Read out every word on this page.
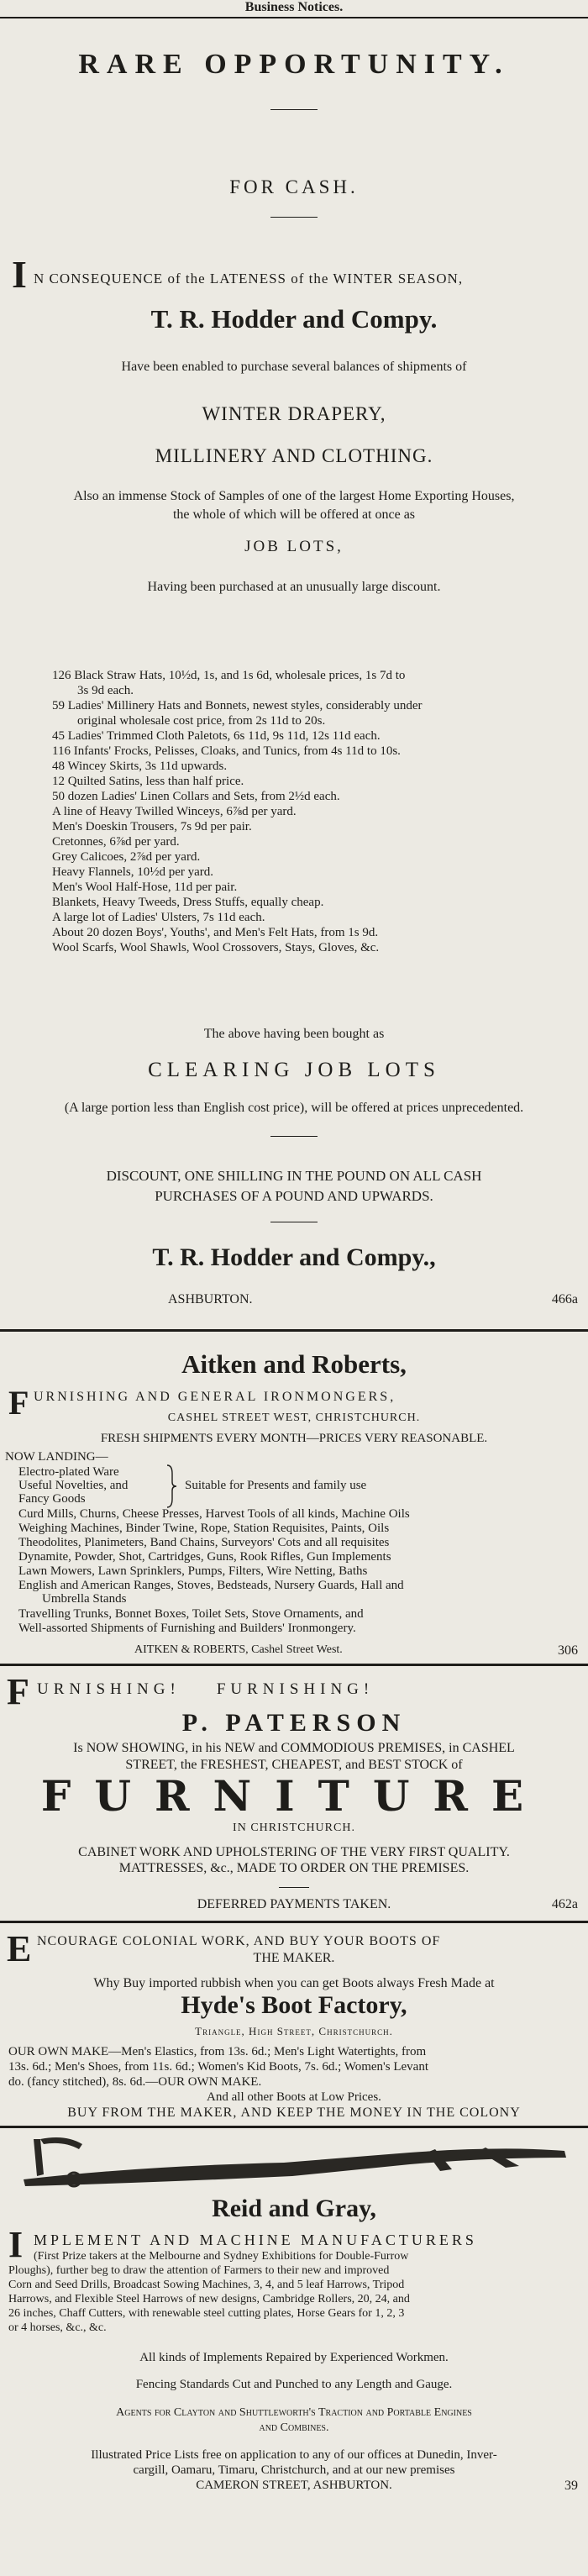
Business Notices.
RARE OPPORTUNITY.
FOR CASH.
I N CONSEQUENCE of the LATENESS of the WINTER SEASON,
T. R. Hodder and Compy.
Have been enabled to purchase several balances of shipments of
WINTER DRAPERY,
MILLINERY AND CLOTHING.
Also an immense Stock of Samples of one of the largest Home Exporting Houses,
the whole of which will be offered at once as
JOB LOTS,
Having been purchased at an unusually large discount.
126 Black Straw Hats, 10½d, 1s, and 1s 6d, wholesale prices, 1s 7d to
3s 9d each.
59 Ladies' Millinery Hats and Bonnets, newest styles, considerably under
original wholesale cost price, from 2s 11d to 20s.
45 Ladies' Trimmed Cloth Paletots, 6s 11d, 9s 11d, 12s 11d each.
116 Infants' Frocks, Pelisses, Cloaks, and Tunics, from 4s 11d to 10s.
48 Wincey Skirts, 3s 11d upwards.
12 Quilted Satins, less than half price.
50 dozen Ladies' Linen Collars and Sets, from 2½d each.
A line of Heavy Twilled Winceys, 6⅞d per yard.
Men's Doeskin Trousers, 7s 9d per pair.
Cretonnes, 6⅞d per yard.
Grey Calicoes, 2⅞d per yard.
Heavy Flannels, 10½d per yard.
Men's Wool Half-Hose, 11d per pair.
Blankets, Heavy Tweeds, Dress Stuffs, equally cheap.
A large lot of Ladies' Ulsters, 7s 11d each.
About 20 dozen Boys', Youths', and Men's Felt Hats, from 1s 9d.
Wool Scarfs, Wool Shawls, Wool Crossovers, Stays, Gloves, &c.
The above having been bought as
CLEARING JOB LOTS
(A large portion less than English cost price), will be offered at prices unprecedented.
DISCOUNT, ONE SHILLING IN THE POUND ON ALL CASH
PURCHASES OF A POUND AND UPWARDS.
T. R. Hodder and Compy.,
ASHBURTON.	466a
Aitken and Roberts,
F URNISHING AND GENERAL IRONMONGERS,
CASHEL STREET WEST, CHRISTCHURCH.
FRESH SHIPMENTS EVERY MONTH—PRICES VERY REASONABLE.
NOW LANDING—
Electro-plated Ware
Useful Novelties, and
Fancy Goods
Suitable for Presents and family use
Curd Mills, Churns, Cheese Presses, Harvest Tools of all kinds, Machine Oils
Weighing Machines, Binder Twine, Rope, Station Requisites, Paints, Oils
Theodolites, Planimeters, Band Chains, Surveyors' Cots and all requisites
Dynamite, Powder, Shot, Cartridges, Guns, Rook Rifles, Gun Implements
Lawn Mowers, Lawn Sprinklers, Pumps, Filters, Wire Netting, Baths
English and American Ranges, Stoves, Bedsteads, Nursery Guards, Hall and
Umbrella Stands
Travelling Trunks, Bonnet Boxes, Toilet Sets, Stove Ornaments, and
Well-assorted Shipments of Furnishing and Builders' Ironmongery.
AITKEN & ROBERTS, Cashel Street West.	306
F URNISHING!    FURNISHING!
P. PATERSON
Is NOW SHOWING, in his NEW and COMMODIOUS PREMISES, in CASHEL
STREET, the FRESHEST, CHEAPEST, and BEST STOCK of
FURNITURE
IN CHRISTCHURCH.
CABINET WORK AND UPHOLSTERING OF THE VERY FIRST QUALITY.
MATTRESSES, &c., MADE TO ORDER ON THE PREMISES.
DEFERRED PAYMENTS TAKEN.	462a
E NCOURAGE COLONIAL WORK, AND BUY YOUR BOOTS OF
THE MAKER.
Why Buy imported rubbish when you can get Boots always Fresh Made at
Hyde's Boot Factory,
Triangle, High Street, Christchurch.
OUR OWN MAKE—Men's Elastics, from 13s. 6d.; Men's Light Watertights, from
13s. 6d.; Men's Shoes, from 11s. 6d.; Women's Kid Boots, 7s. 6d.; Women's Levant
do. (fancy stitched), 8s. 6d.—OUR OWN MAKE.
And all other Boots at Low Prices.
BUY FROM THE MAKER, AND KEEP THE MONEY IN THE COLONY
Reid and Gray,
I MPLEMENT AND MACHINE MANUFACTURERS
(First Prize takers at the Melbourne and Sydney Exhibitions for Double-Furrow
Ploughs), further beg to draw the attention of Farmers to their new and improved
Corn and Seed Drills, Broadcast Sowing Machines, 3, 4, and 5 leaf Harrows, Tripod
Harrows, and Flexible Steel Harrows of new designs, Cambridge Rollers, 20, 24, and
26 inches, Chaff Cutters, with renewable steel cutting plates, Horse Gears for 1, 2, 3
or 4 horses, &c., &c.
All kinds of Implements Repaired by Experienced Workmen.
Fencing Standards Cut and Punched to any Length and Gauge.
Agents for Clayton and Shuttleworth's Traction and Portable Engines
and Combines.
Illustrated Price Lists free on application to any of our offices at Dunedin, Inver-
cargill, Oamaru, Timaru, Christchurch, and at our new premises
CAMERON STREET, ASHBURTON.	39
